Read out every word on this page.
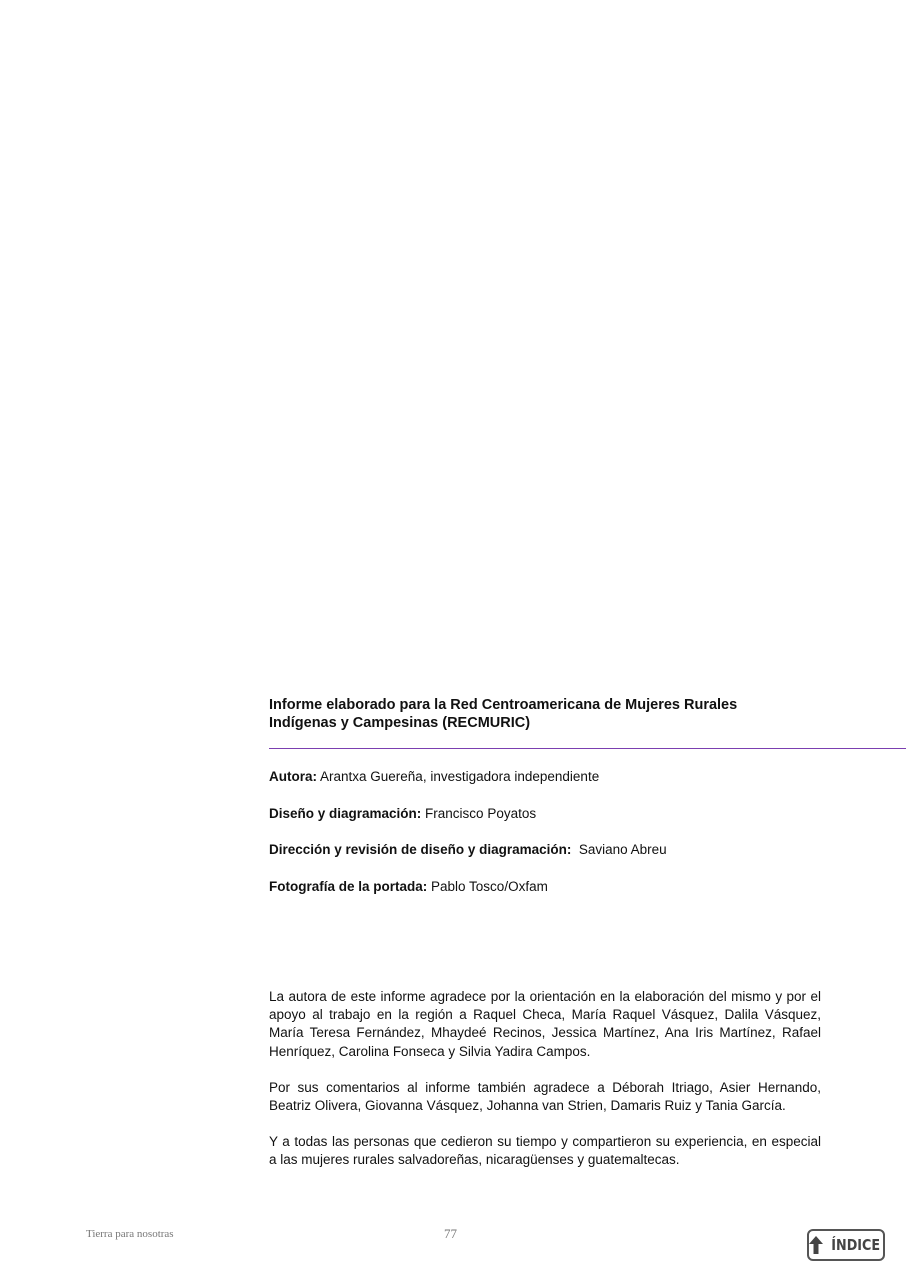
Informe elaborado para la Red Centroamericana de Mujeres Rurales
Indígenas y Campesinas (RECMURIC)

Autora: Arantxa Guereña, investigadora independiente

Diseño y diagramación: Francisco Poyatos

Dirección y revisión de diseño y diagramación:  Saviano Abreu

Fotografía de la portada: Pablo Tosco/Oxfam

La autora de este informe agradece por la orientación en la elaboración del mismo y por el apoyo al trabajo en la región a Raquel Checa, María Raquel Vásquez, Dalila Vásquez, María Teresa Fernández, Mhaydeé Recinos, Jessica Martínez, Ana Iris Martínez, Rafael Henríquez, Carolina Fonseca y Silvia Yadira Campos.

Por sus comentarios al informe también agradece a Déborah Itriago, Asier Hernando, Beatriz Olivera, Giovanna Vásquez, Johanna van Strien, Damaris Ruiz y Tania García.

Y a todas las personas que cedieron su tiempo y compartieron su experiencia, en especial a las mujeres rurales salvadoreñas, nicaragüenses y guatemaltecas.

Tierra para nosotras	77
ÍNDICE
